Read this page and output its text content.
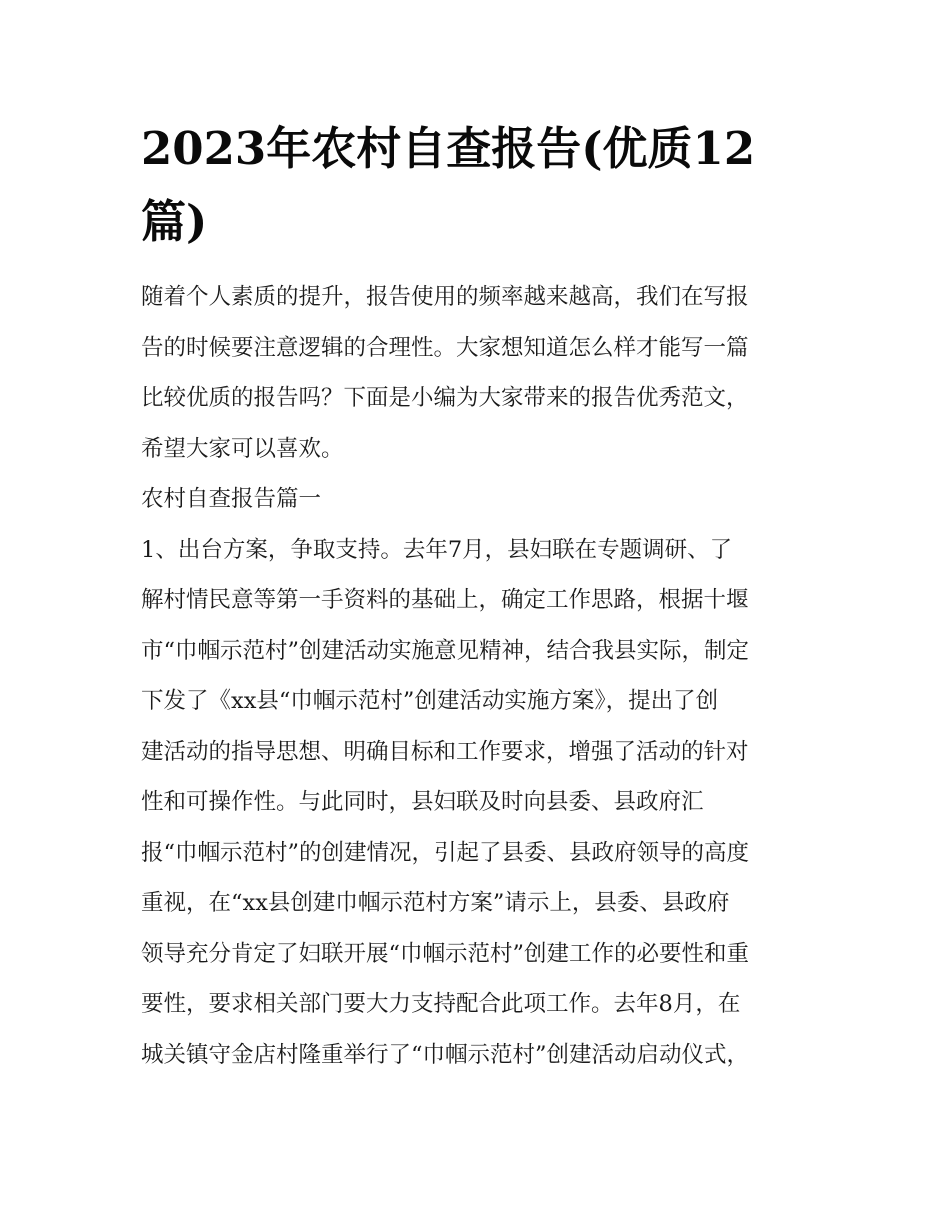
2023年农村自查报告(优质12
篇)
随着个人素质的提升，报告使用的频率越来越高，我们在写报
告的时候要注意逻辑的合理性。大家想知道怎么样才能写一篇
比较优质的报告吗？下面是小编为大家带来的报告优秀范文，
希望大家可以喜欢。
农村自查报告篇一
1、出台方案，争取支持。去年7月，县妇联在专题调研、了
解村情民意等第一手资料的基础上，确定工作思路，根据十堰
市“巾帼示范村”创建活动实施意见精神，结合我县实际，制定
下发了《xx县“巾帼示范村”创建活动实施方案》，提出了创
建活动的指导思想、明确目标和工作要求，增强了活动的针对
性和可操作性。与此同时，县妇联及时向县委、县政府汇
报“巾帼示范村”的创建情况，引起了县委、县政府领导的高度
重视，在“xx县创建巾帼示范村方案”请示上，县委、县政府
领导充分肯定了妇联开展“巾帼示范村”创建工作的必要性和重
要性，要求相关部门要大力支持配合此项工作。去年8月，在
城关镇守金店村隆重举行了“巾帼示范村”创建活动启动仪式，
